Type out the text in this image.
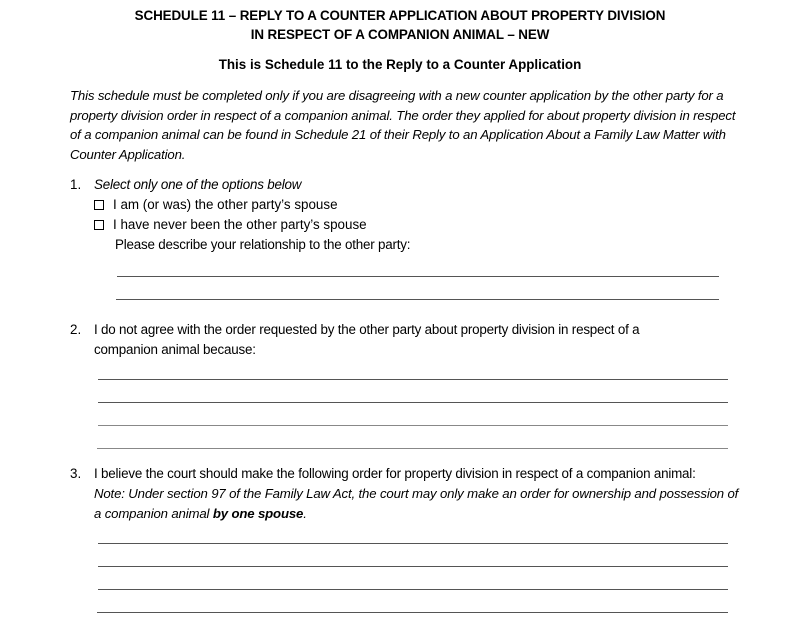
SCHEDULE 11 – REPLY TO A COUNTER APPLICATION ABOUT PROPERTY DIVISION
IN RESPECT OF A COMPANION ANIMAL – NEW
This is Schedule 11 to the Reply to a Counter Application
This schedule must be completed only if you are disagreeing with a new counter application by the other party for a property division order in respect of a companion animal. The order they applied for about property division in respect of a companion animal can be found in Schedule 21 of their Reply to an Application About a Family Law Matter with Counter Application.
1. Select only one of the options below
I am (or was) the other party’s spouse
I have never been the other party’s spouse
Please describe your relationship to the other party:
2. I do not agree with the order requested by the other party about property division in respect of a companion animal because:
3. I believe the court should make the following order for property division in respect of a companion animal:
Note: Under section 97 of the Family Law Act, the court may only make an order for ownership and possession of a companion animal by one spouse.
